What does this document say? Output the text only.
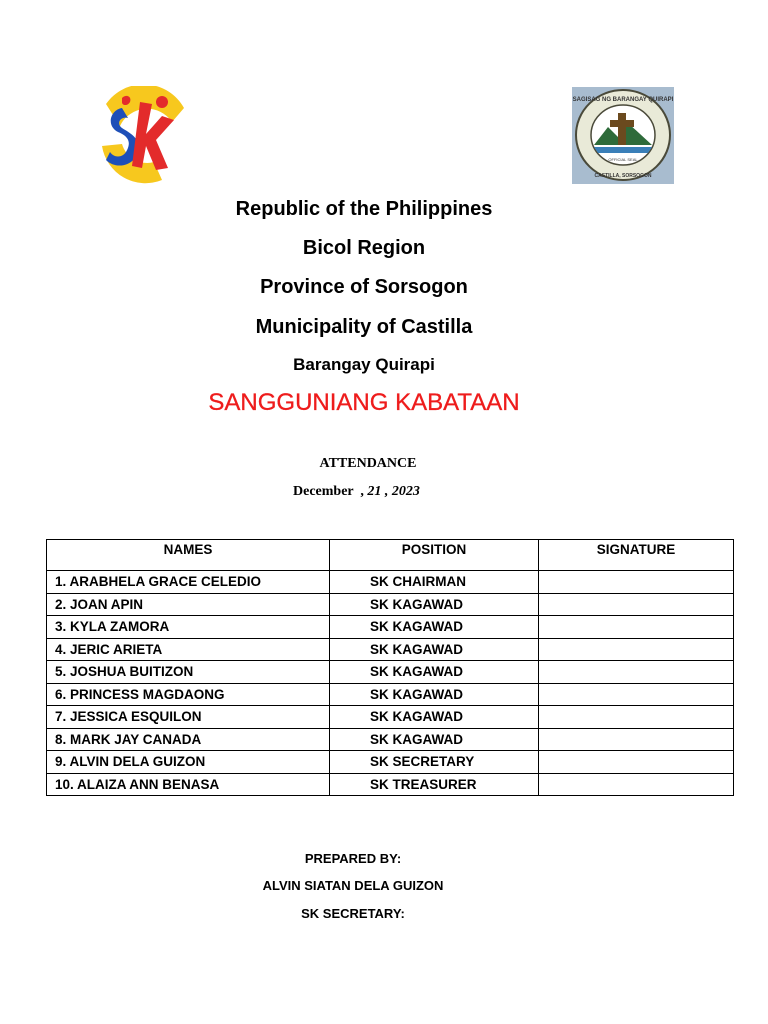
SAGISAG NG BARANGAY QUIRAPI
CASTILLA, SORSOGON
OFFICIAL SEAL
Republic of the Philippines
Bicol Region
Province of Sorsogon
Municipality of Castilla
Barangay Quirapi
SANGGUNIANG KABATAAN
ATTENDANCE
December  , 21 , 2023
NAMES	POSITION	SIGNATURE
1. ARABHELA GRACE CELEDIO	SK CHAIRMAN	
2. JOAN APIN	SK KAGAWAD	
3. KYLA ZAMORA	SK KAGAWAD	
4. JERIC ARIETA	SK KAGAWAD	
5. JOSHUA BUITIZON	SK KAGAWAD	
6. PRINCESS MAGDAONG	SK KAGAWAD	
7. JESSICA ESQUILON	SK KAGAWAD	
8. MARK JAY CANADA	SK KAGAWAD	
9. ALVIN DELA GUIZON	SK SECRETARY	
10. ALAIZA ANN BENASA	SK TREASURER	
PREPARED BY:
ALVIN SIATAN DELA GUIZON
SK SECRETARY:
